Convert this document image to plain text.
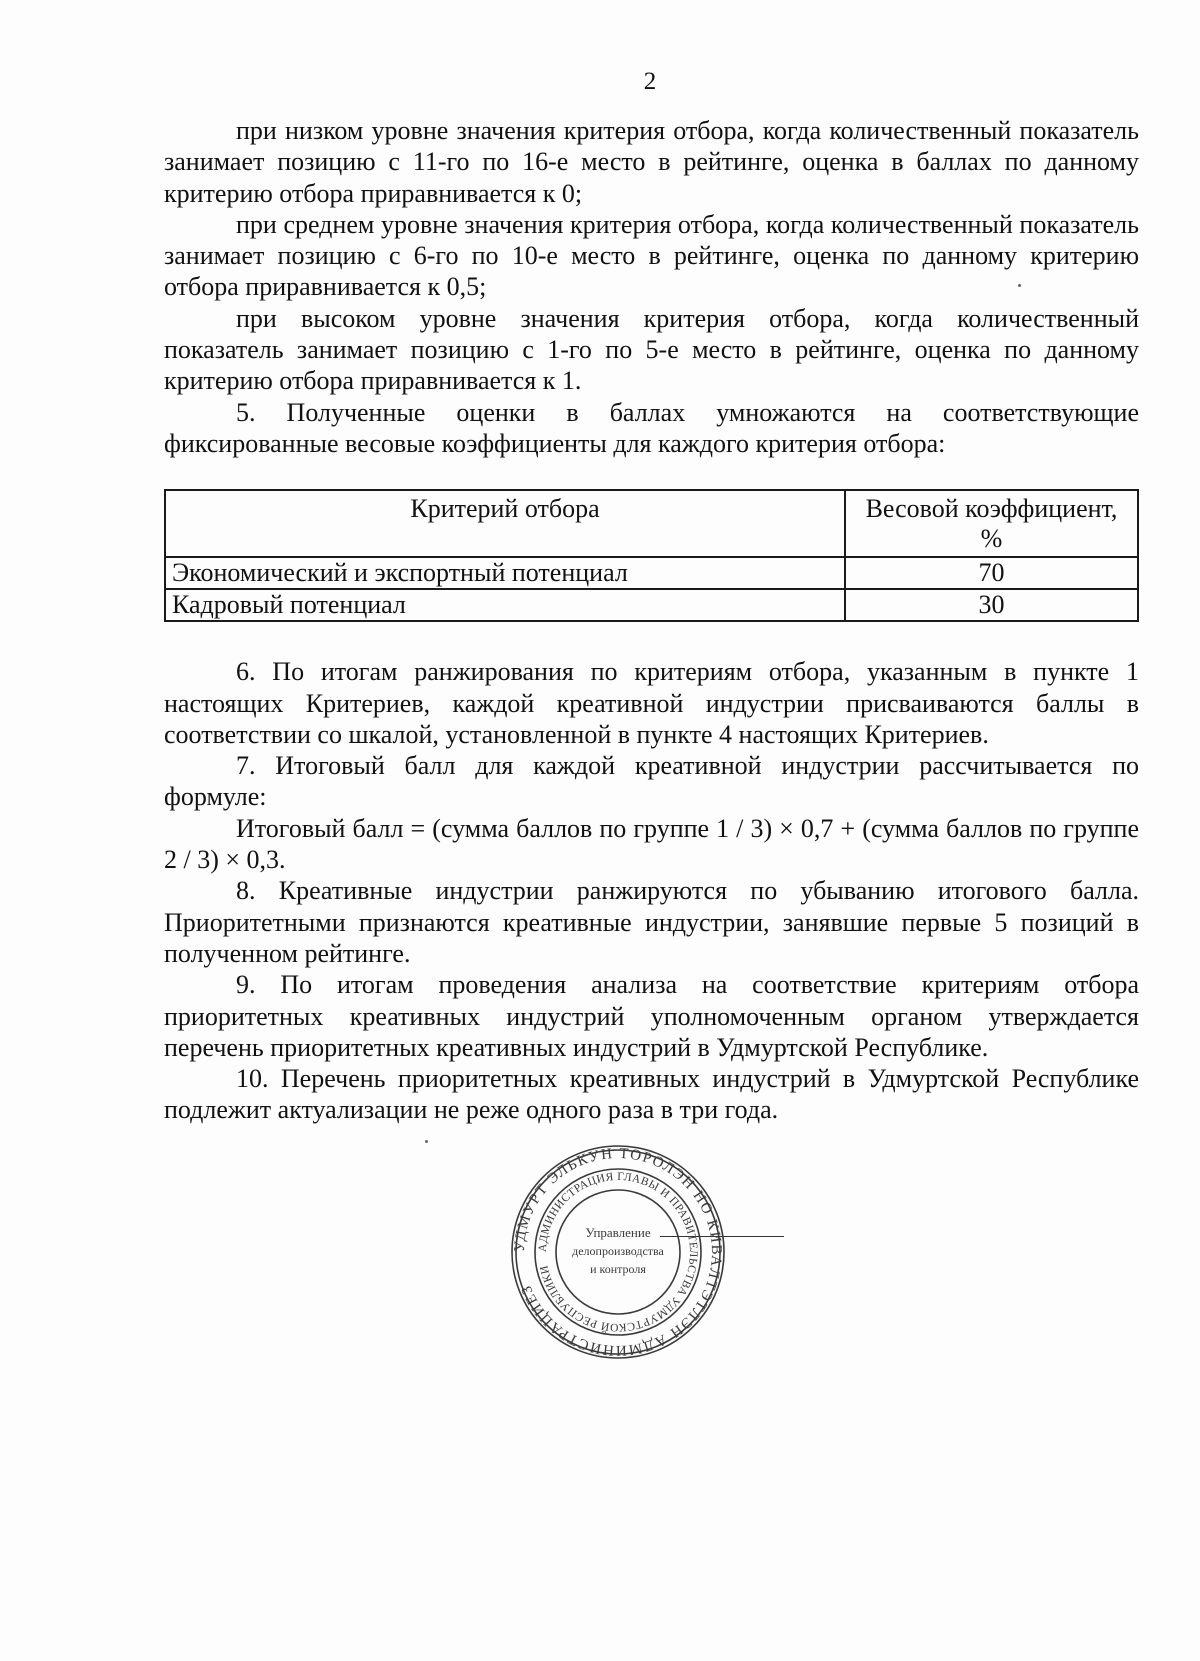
2

при низком уровне значения критерия отбора, когда количественный показатель занимает позицию с 11-го по 16-е место в рейтинге, оценка в баллах по данному критерию отбора приравнивается к 0;

при среднем уровне значения критерия отбора, когда количественный показатель занимает позицию с 6-го по 10-е место в рейтинге, оценка по данному критерию отбора приравнивается к 0,5;

при высоком уровне значения критерия отбора, когда количественный показатель занимает позицию с 1-го по 5-е место в рейтинге, оценка по данному критерию отбора приравнивается к 1.

5. Полученные оценки в баллах умножаются на соответствующие фиксированные весовые коэффициенты для каждого критерия отбора:

Критерий отбора	Весовой коэффициент, %
Экономический и экспортный потенциал	70
Кадровый потенциал	30

6. По итогам ранжирования по критериям отбора, указанным в пункте 1 настоящих Критериев, каждой креативной индустрии присваиваются баллы в соответствии со шкалой, установленной в пункте 4 настоящих Критериев.

7. Итоговый балл для каждой креативной индустрии рассчитывается по формуле:

Итоговый балл = (сумма баллов по группе 1 / 3) × 0,7 + (сумма баллов по группе 2 / 3) × 0,3.

8. Креативные индустрии ранжируются по убыванию итогового балла. Приоритетными признаются креативные индустрии, занявшие первые 5 позиций в полученном рейтинге.

9. По итогам проведения анализа на соответствие критериям отбора приоритетных креативных индустрий уполномоченным органом утверждается перечень приоритетных креативных индустрий в Удмуртской Республике.

10. Перечень приоритетных креативных индустрий в Удмуртской Республике подлежит актуализации не реже одного раза в три года.

УДМУРТ ЭЛЬКУН ТОРОЛЭН НО КИВАЛТЭТЛЭН АДМИНИСТРАЦИЕЗ
АДМИНИСТРАЦИЯ ГЛАВЫ И ПРАВИТЕЛЬСТВА УДМУРТСКОЙ РЕСПУБЛИКИ
Управление
делопроизводства
и контроля
